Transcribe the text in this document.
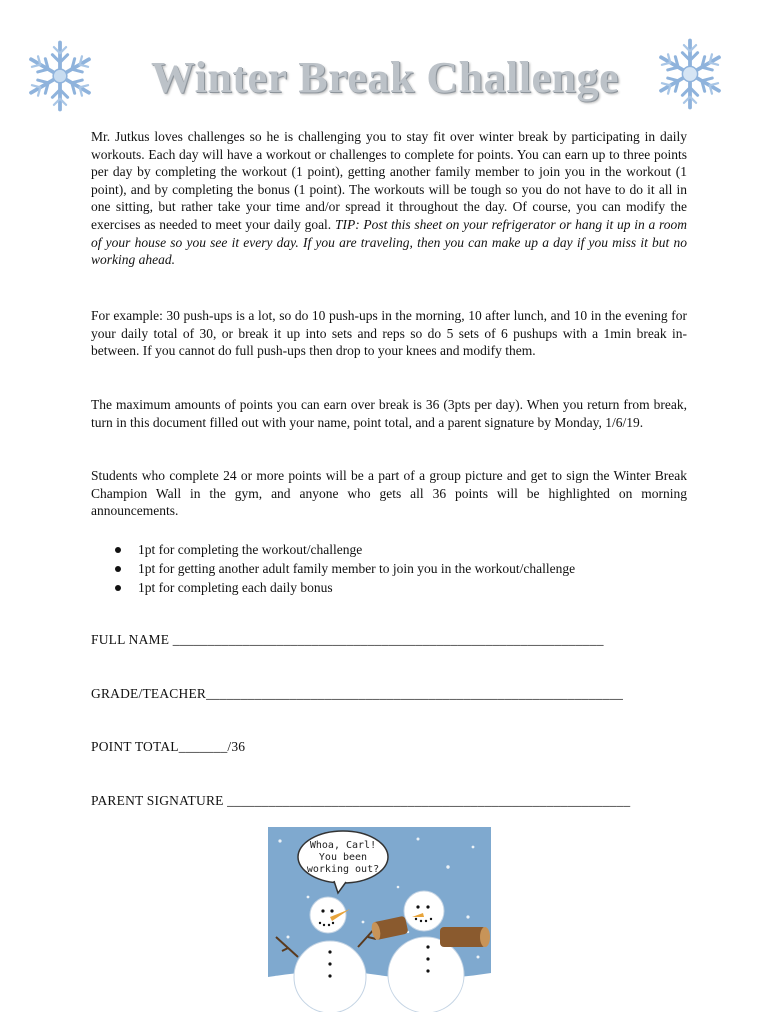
Winter Break Challenge

Mr. Jutkus loves challenges so he is challenging you to stay fit over winter break by participating in daily workouts. Each day will have a workout or challenges to complete for points. You can earn up to three points per day by completing the workout (1 point), getting another family member to join you in the workout (1 point), and by completing the bonus (1 point). The workouts will be tough so you do not have to do it all in one sitting, but rather take your time and/or spread it throughout the day. Of course, you can modify the exercises as needed to meet your daily goal. TIP: Post this sheet on your refrigerator or hang it up in a room of your house so you see it every day. If you are traveling, then you can make up a day if you miss it but no working ahead.

For example: 30 push-ups is a lot, so do 10 push-ups in the morning, 10 after lunch, and 10 in the evening for your daily total of 30, or break it up into sets and reps so do 5 sets of 6 pushups with a 1min break in-between. If you cannot do full push-ups then drop to your knees and modify them.

The maximum amounts of points you can earn over break is 36 (3pts per day). When you return from break, turn in this document filled out with your name, point total, and a parent signature by Monday, 1/6/19.

Students who complete 24 or more points will be a part of a group picture and get to sign the Winter Break Champion Wall in the gym, and anyone who gets all 36 points will be highlighted on morning announcements.

1pt for completing the workout/challenge
1pt for getting another adult family member to join you in the workout/challenge
1pt for completing each daily bonus
FULL NAME ______________________________________________________________
GRADE/TEACHER____________________________________________________________
POINT TOTAL_______/36
PARENT SIGNATURE __________________________________________________________
Whoa, Carl!
You been
working out?
